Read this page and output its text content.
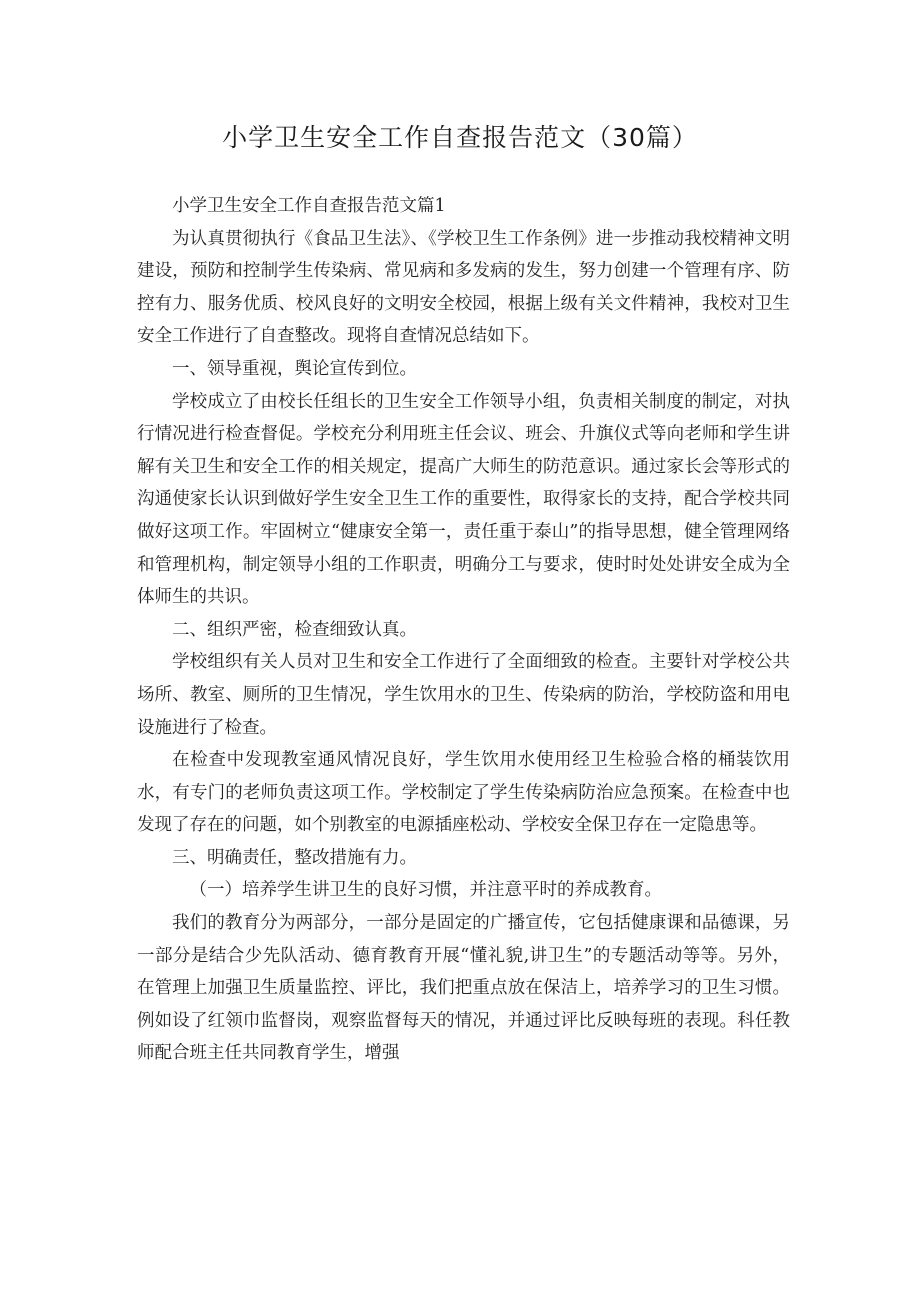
小学卫生安全工作自查报告范文（30篇）

小学卫生安全工作自查报告范文篇1

为认真贯彻执行《食品卫生法》、《学校卫生工作条例》进一步推动我校精神文明建设，预防和控制学生传染病、常见病和多发病的发生，努力创建一个管理有序、防控有力、服务优质、校风良好的文明安全校园，根据上级有关文件精神，我校对卫生安全工作进行了自查整改。现将自查情况总结如下。

一、领导重视，舆论宣传到位。

学校成立了由校长任组长的卫生安全工作领导小组，负责相关制度的制定，对执行情况进行检查督促。学校充分利用班主任会议、班会、升旗仪式等向老师和学生讲解有关卫生和安全工作的相关规定，提高广大师生的防范意识。通过家长会等形式的沟通使家长认识到做好学生安全卫生工作的重要性，取得家长的支持，配合学校共同做好这项工作。牢固树立“健康安全第一，责任重于泰山”的指导思想，健全管理网络和管理机构，制定领导小组的工作职责，明确分工与要求，使时时处处讲安全成为全体师生的共识。

二、组织严密，检查细致认真。

学校组织有关人员对卫生和安全工作进行了全面细致的检查。主要针对学校公共场所、教室、厕所的卫生情况，学生饮用水的卫生、传染病的防治，学校防盗和用电设施进行了检查。

在检查中发现教室通风情况良好，学生饮用水使用经卫生检验合格的桶装饮用水，有专门的老师负责这项工作。学校制定了学生传染病防治应急预案。在检查中也发现了存在的问题，如个别教室的电源插座松动、学校安全保卫存在一定隐患等。

三、明确责任，整改措施有力。

（一）培养学生讲卫生的良好习惯，并注意平时的养成教育。

我们的教育分为两部分，一部分是固定的广播宣传，它包括健康课和品德课，另一部分是结合少先队活动、德育教育开展“懂礼貌,讲卫生”的专题活动等等。另外，在管理上加强卫生质量监控、评比，我们把重点放在保洁上，培养学习的卫生习惯。例如设了红领巾监督岗，观察监督每天的情况，并通过评比反映每班的表现。科任教师配合班主任共同教育学生，增强
